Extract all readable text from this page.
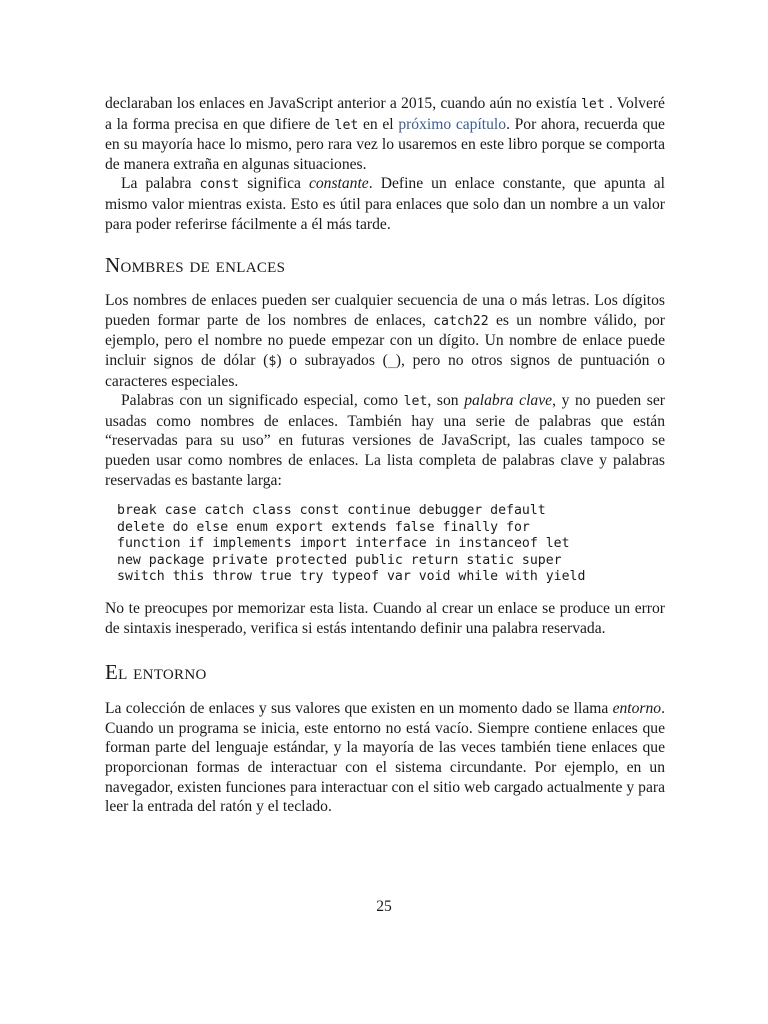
declaraban los enlaces en JavaScript anterior a 2015, cuando aún no existía let . Volveré a la forma precisa en que difiere de let en el próximo capítulo. Por ahora, recuerda que en su mayoría hace lo mismo, pero rara vez lo usaremos en este libro porque se comporta de manera extraña en algunas situaciones.

La palabra const significa constante. Define un enlace constante, que apunta al mismo valor mientras exista. Esto es útil para enlaces que solo dan un nombre a un valor para poder referirse fácilmente a él más tarde.

Nombres de enlaces

Los nombres de enlaces pueden ser cualquier secuencia de una o más letras. Los dígitos pueden formar parte de los nombres de enlaces, catch22 es un nombre válido, por ejemplo, pero el nombre no puede empezar con un dígito. Un nombre de enlace puede incluir signos de dólar ($) o subrayados (_), pero no otros signos de puntuación o caracteres especiales.

Palabras con un significado especial, como let, son palabra clave, y no pueden ser usadas como nombres de enlaces. También hay una serie de palabras que están “reservadas para su uso” en futuras versiones de JavaScript, las cuales tampoco se pueden usar como nombres de enlaces. La lista completa de palabras clave y palabras reservadas es bastante larga:

break case catch class const continue debugger default
delete do else enum export extends false finally for
function if implements import interface in instanceof let
new package private protected public return static super
switch this throw true try typeof var void while with yield

No te preocupes por memorizar esta lista. Cuando al crear un enlace se produce un error de sintaxis inesperado, verifica si estás intentando definir una palabra reservada.

El entorno

La colección de enlaces y sus valores que existen en un momento dado se llama entorno. Cuando un programa se inicia, este entorno no está vacío. Siempre contiene enlaces que forman parte del lenguaje estándar, y la mayoría de las veces también tiene enlaces que proporcionan formas de interactuar con el sistema circundante. Por ejemplo, en un navegador, existen funciones para interactuar con el sitio web cargado actualmente y para leer la entrada del ratón y el teclado.

25
